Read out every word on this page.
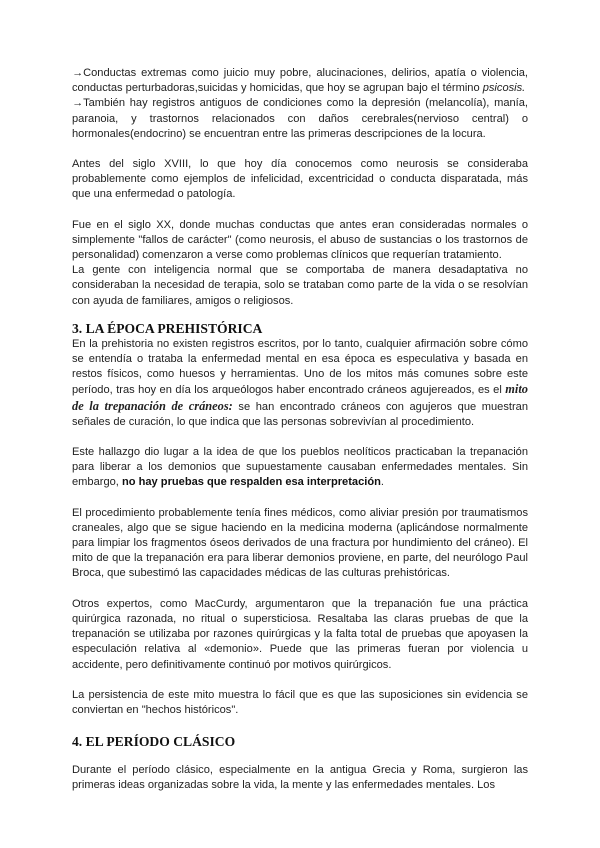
→Conductas extremas como juicio muy pobre, alucinaciones, delirios, apatía o violencia, conductas perturbadoras,suicidas y homicidas, que hoy se agrupan bajo el término psicosis.
→También hay registros antiguos de condiciones como la depresión (melancolía), manía, paranoia, y trastornos relacionados con daños cerebrales(nervioso central) o hormonales(endocrino) se encuentran entre las primeras descripciones de la locura.

Antes del siglo XVIII, lo que hoy día conocemos como neurosis se consideraba probablemente como ejemplos de infelicidad, excentricidad o conducta disparatada, más que una enfermedad o patología.

Fue en el siglo XX, donde muchas conductas que antes eran consideradas normales o simplemente "fallos de carácter" (como neurosis, el abuso de sustancias o los trastornos de personalidad) comenzaron a verse como problemas clínicos que requerían tratamiento.
La gente con inteligencia normal que se comportaba de manera desadaptativa no consideraban la necesidad de terapia, solo se trataban como parte de la vida o se resolvían con ayuda de familiares, amigos o religiosos.

3. LA ÉPOCA PREHISTÓRICA

En la prehistoria no existen registros escritos, por lo tanto, cualquier afirmación sobre cómo se entendía o trataba la enfermedad mental en esa época es especulativa y basada en restos físicos, como huesos y herramientas. Uno de los mitos más comunes sobre este período, tras hoy en día los arqueólogos haber encontrado cráneos agujereados, es el mito de la trepanación de cráneos: se han encontrado cráneos con agujeros que muestran señales de curación, lo que indica que las personas sobrevivían al procedimiento.

Este hallazgo dio lugar a la idea de que los pueblos neolíticos practicaban la trepanación para liberar a los demonios que supuestamente causaban enfermedades mentales. Sin embargo, no hay pruebas que respalden esa interpretación.

El procedimiento probablemente tenía fines médicos, como aliviar presión por traumatismos craneales, algo que se sigue haciendo en la medicina moderna (aplicándose normalmente para limpiar los fragmentos óseos derivados de una fractura por hundimiento del cráneo). El mito de que la trepanación era para liberar demonios proviene, en parte, del neurólogo Paul Broca, que subestimó las capacidades médicas de las culturas prehistóricas.

Otros expertos, como MacCurdy, argumentaron que la trepanación fue una práctica quirúrgica razonada, no ritual o supersticiosa. Resaltaba las claras pruebas de que la trepanación se utilizaba por razones quirúrgicas y la falta total de pruebas que apoyasen la especulación relativa al «demonio». Puede que las primeras fueran por violencia u accidente, pero definitivamente continuó por motivos quirúrgicos.

La persistencia de este mito muestra lo fácil que es que las suposiciones sin evidencia se conviertan en "hechos históricos".

4. EL PERÍODO CLÁSICO

Durante el período clásico, especialmente en la antigua Grecia y Roma, surgieron las primeras ideas organizadas sobre la vida, la mente y las enfermedades mentales. Los
